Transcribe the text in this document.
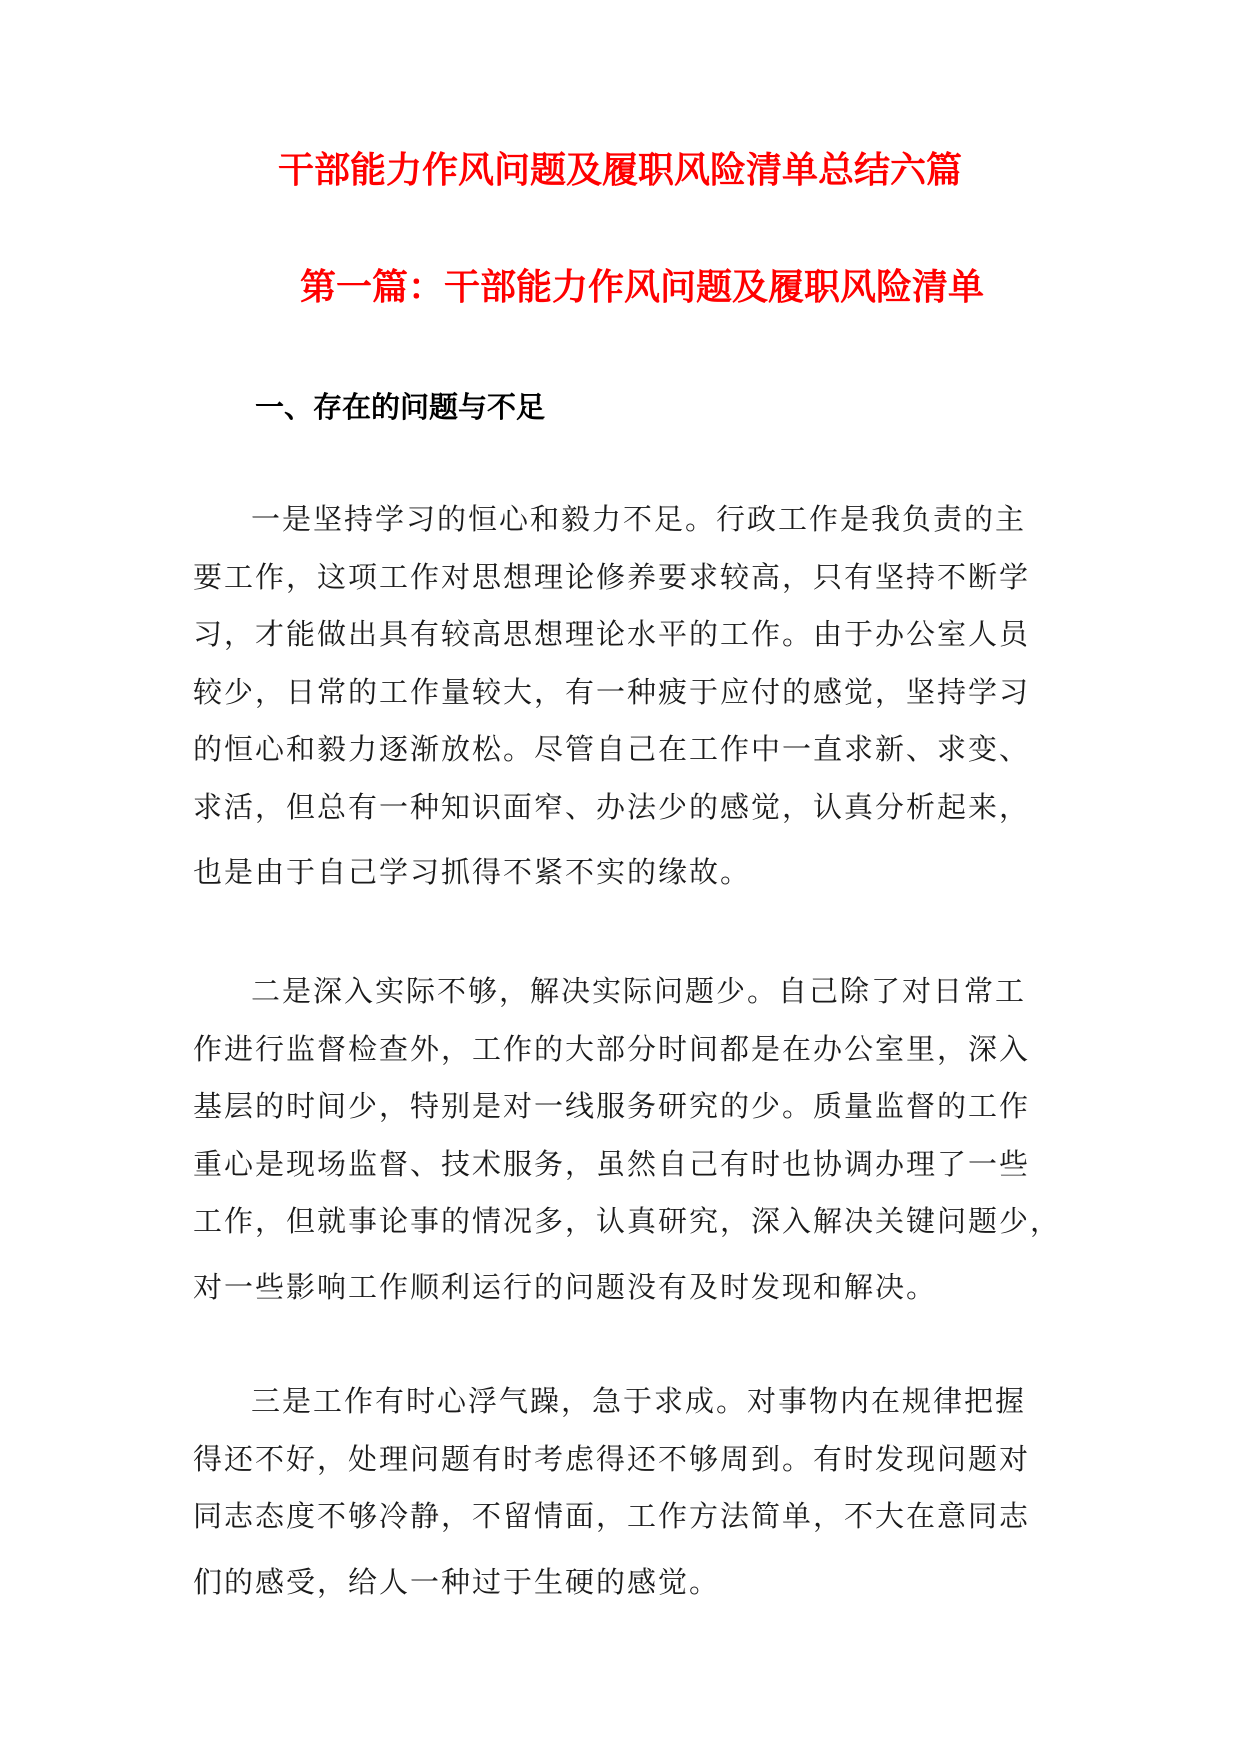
干部能力作风问题及履职风险清单总结六篇
第一篇：干部能力作风问题及履职风险清单
一、存在的问题与不足
一是坚持学习的恒心和毅力不足。行政工作是我负责的主
要工作，这项工作对思想理论修养要求较高，只有坚持不断学
习，才能做出具有较高思想理论水平的工作。由于办公室人员
较少，日常的工作量较大，有一种疲于应付的感觉，坚持学习
的恒心和毅力逐渐放松。尽管自己在工作中一直求新、求变、
求活，但总有一种知识面窄、办法少的感觉，认真分析起来，
也是由于自己学习抓得不紧不实的缘故。
二是深入实际不够，解决实际问题少。自己除了对日常工
作进行监督检查外，工作的大部分时间都是在办公室里，深入
基层的时间少，特别是对一线服务研究的少。质量监督的工作
重心是现场监督、技术服务，虽然自己有时也协调办理了一些
工作，但就事论事的情况多，认真研究，深入解决关键问题少，
对一些影响工作顺利运行的问题没有及时发现和解决。
三是工作有时心浮气躁，急于求成。对事物内在规律把握
得还不好，处理问题有时考虑得还不够周到。有时发现问题对
同志态度不够冷静，不留情面，工作方法简单，不大在意同志
们的感受，给人一种过于生硬的感觉。
